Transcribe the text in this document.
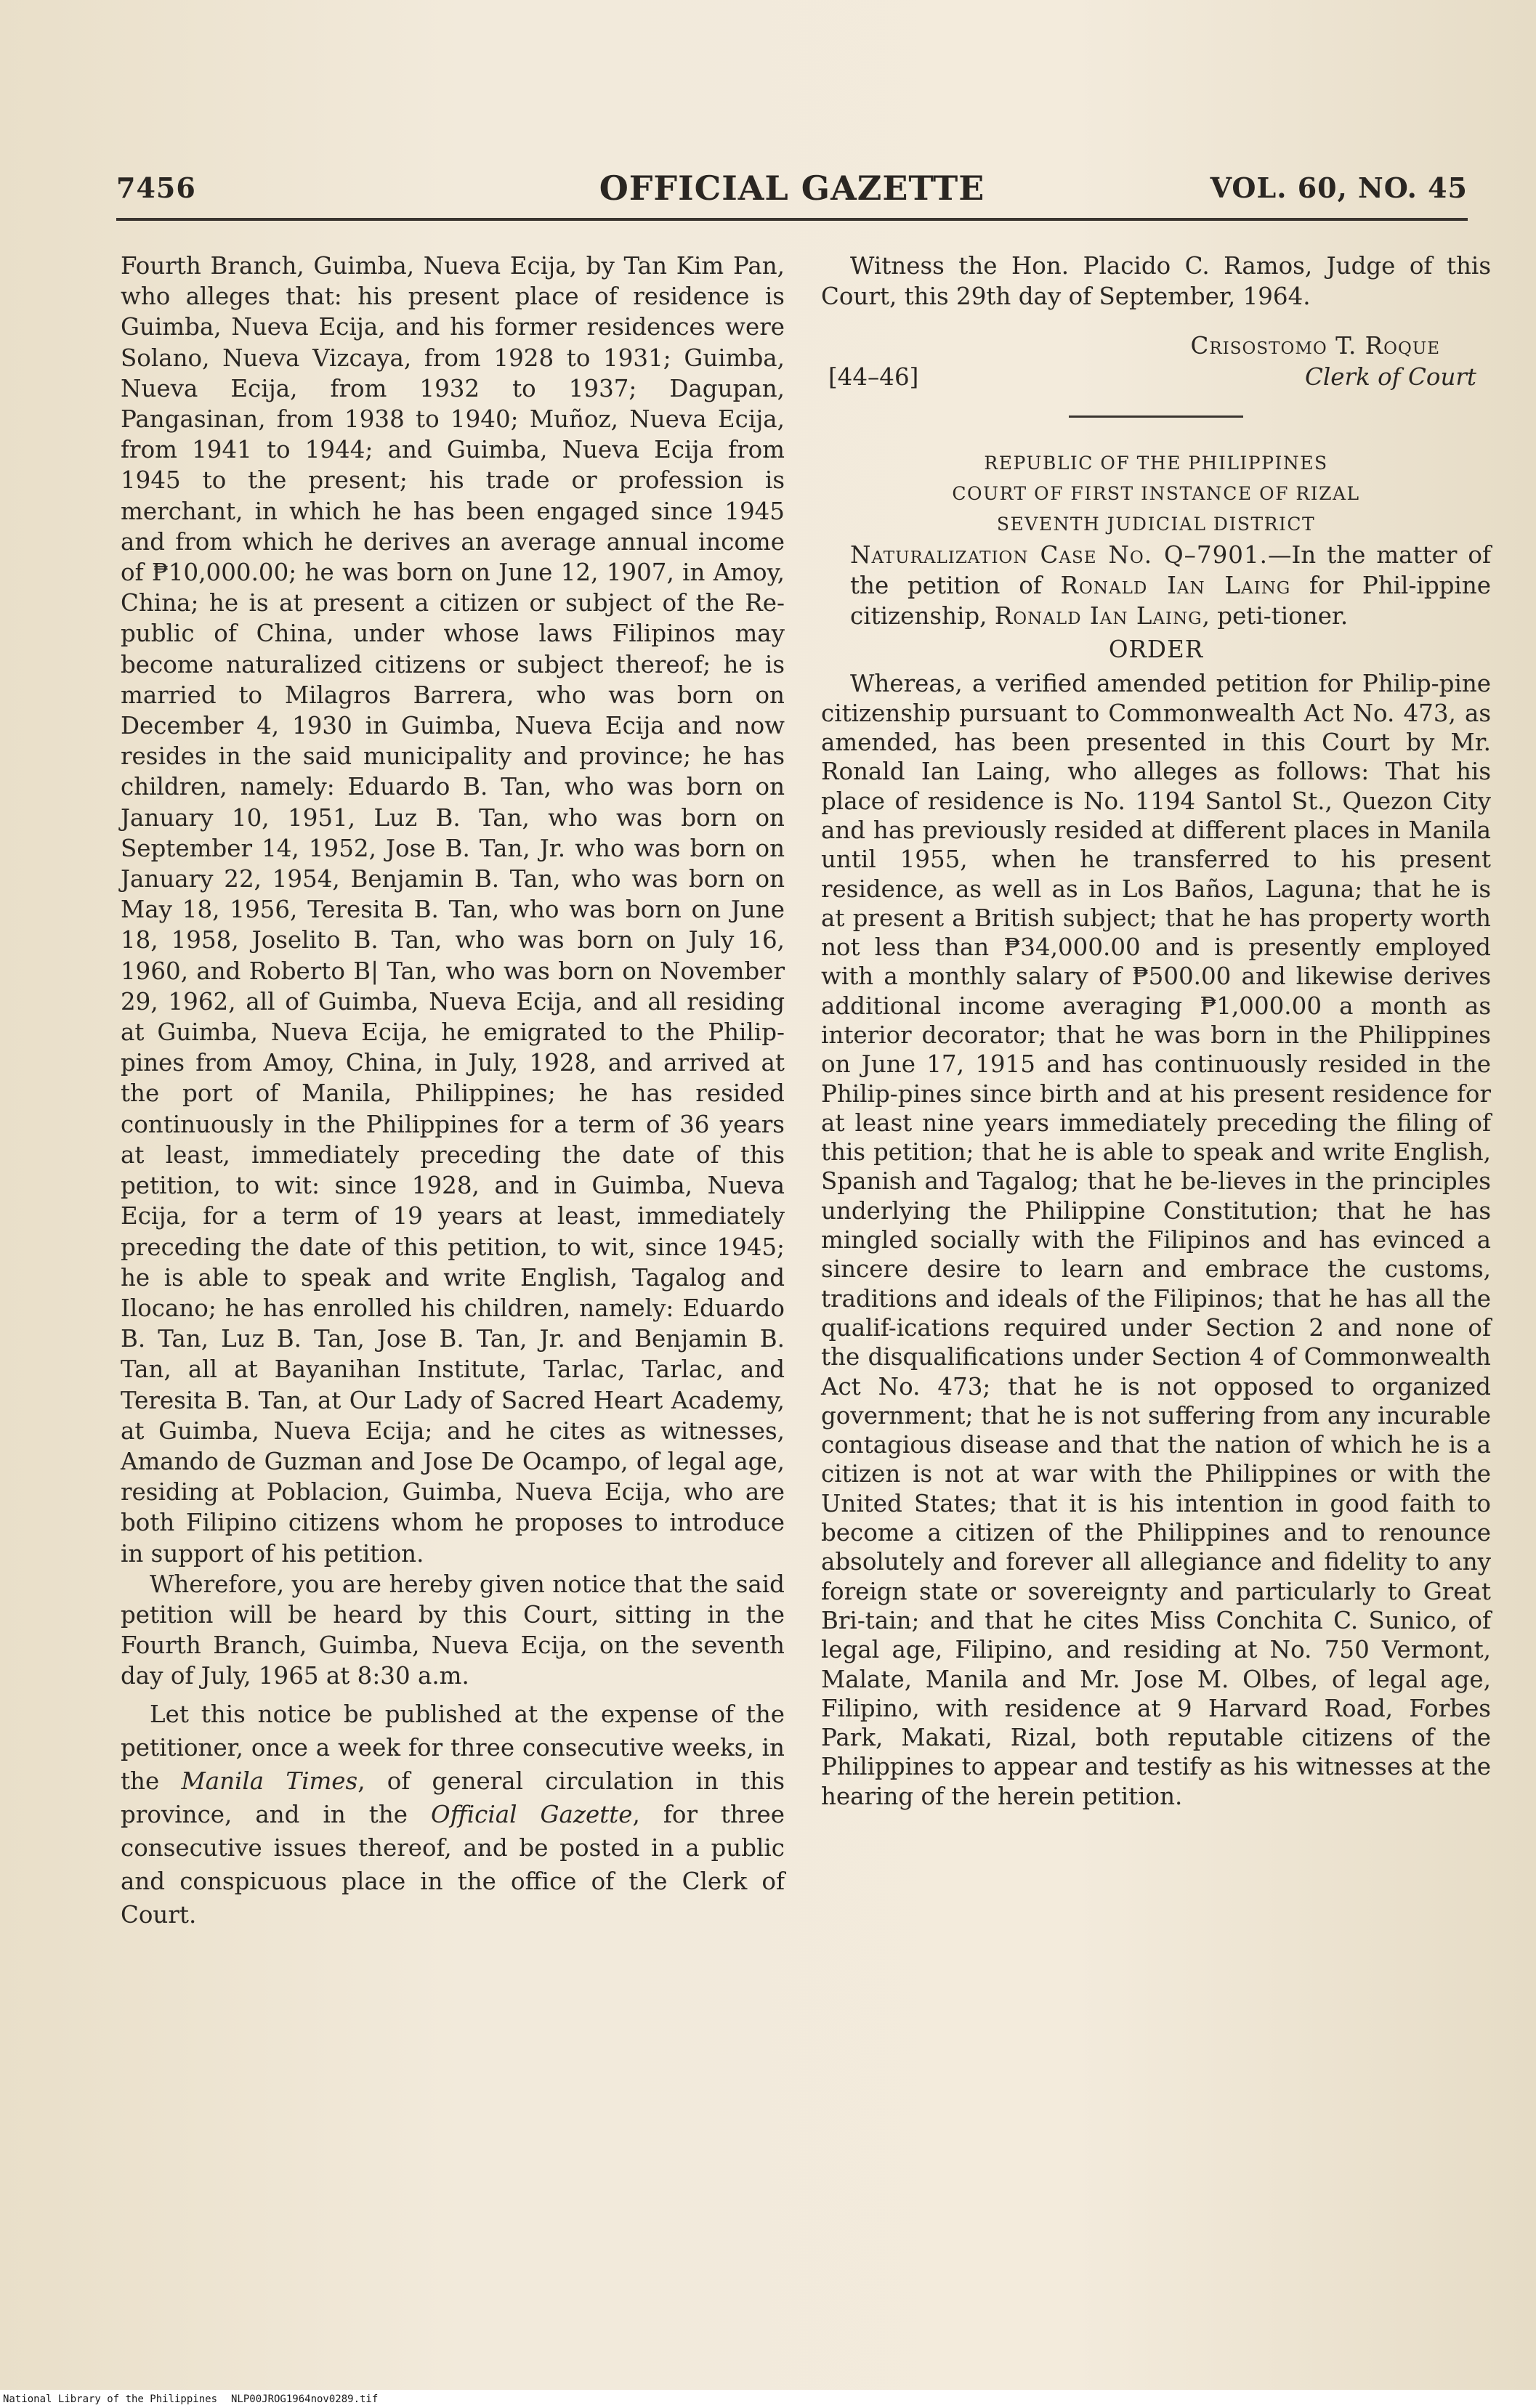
7456	OFFICIAL GAZETTE	VOL. 60, NO. 45

Fourth Branch, Guimba, Nueva Ecija, by Tan Kim Pan, who alleges that: his present place of residence is Guimba, Nueva Ecija, and his former residences were Solano, Nueva Vizcaya, from 1928 to 1931; Guimba, Nueva Ecija, from 1932 to 1937; Dagupan, Pangasinan, from 1938 to 1940; Muñoz, Nueva Ecija, from 1941 to 1944; and Guimba, Nueva Ecija from 1945 to the present; his trade or profession is merchant, in which he has been engaged since 1945 and from which he derives an average annual income of ₱10,000.00; he was born on June 12, 1907, in Amoy, China; he is at present a citizen or subject of the Re-public of China, under whose laws Filipinos may become naturalized citizens or subject thereof; he is married to Milagros Barrera, who was born on December 4, 1930 in Guimba, Nueva Ecija and now resides in the said municipality and province; he has children, namely: Eduardo B. Tan, who was born on January 10, 1951, Luz B. Tan, who was born on September 14, 1952, Jose B. Tan, Jr. who was born on January 22, 1954, Benjamin B. Tan, who was born on May 18, 1956, Teresita B. Tan, who was born on June 18, 1958, Joselito B. Tan, who was born on July 16, 1960, and Roberto B| Tan, who was born on November 29, 1962, all of Guimba, Nueva Ecija, and all residing at Guimba, Nueva Ecija, he emigrated to the Philip-pines from Amoy, China, in July, 1928, and arrived at the port of Manila, Philippines; he has resided continuously in the Philippines for a term of 36 years at least, immediately preceding the date of this petition, to wit: since 1928, and in Guimba, Nueva Ecija, for a term of 19 years at least, immediately preceding the date of this petition, to wit, since 1945; he is able to speak and write English, Tagalog and Ilocano; he has enrolled his children, namely: Eduardo B. Tan, Luz B. Tan, Jose B. Tan, Jr. and Benjamin B. Tan, all at Bayanihan Institute, Tarlac, Tarlac, and Teresita B. Tan, at Our Lady of Sacred Heart Academy, at Guimba, Nueva Ecija; and he cites as witnesses, Amando de Guzman and Jose De Ocampo, of legal age, residing at Poblacion, Guimba, Nueva Ecija, who are both Filipino citizens whom he proposes to introduce in support of his petition.

Wherefore, you are hereby given notice that the said petition will be heard by this Court, sitting in the Fourth Branch, Guimba, Nueva Ecija, on the seventh day of July, 1965 at 8:30 a.m.

Let this notice be published at the expense of the petitioner, once a week for three consecutive weeks, in the Manila Times, of general circulation in this province, and in the Official Gazette, for three consecutive issues thereof, and be posted in a public and conspicuous place in the office of the Clerk of Court.

Witness the Hon. Placido C. Ramos, Judge of this Court, this 29th day of September, 1964.

Crisostomo T. Roque
[44–46]	Clerk of Court
REPUBLIC OF THE PHILIPPINES
COURT OF FIRST INSTANCE OF RIZAL
SEVENTH JUDICIAL DISTRICT

Naturalization Case No. Q–7901.—In the matter of the petition of Ronald Ian Laing for Phil-ippine citizenship, Ronald Ian Laing, peti-tioner.

ORDER

Whereas, a verified amended petition for Philip-pine citizenship pursuant to Commonwealth Act No. 473, as amended, has been presented in this Court by Mr. Ronald Ian Laing, who alleges as follows: That his place of residence is No. 1194 Santol St., Quezon City and has previously resided at different places in Manila until 1955, when he transferred to his present residence, as well as in Los Baños, Laguna; that he is at present a British subject; that he has property worth not less than ₱34,000.00 and is presently employed with a monthly salary of ₱500.00 and likewise derives additional income averaging ₱1,000.00 a month as interior decorator; that he was born in the Philippines on June 17, 1915 and has continuously resided in the Philip-pines since birth and at his present residence for at least nine years immediately preceding the filing of this petition; that he is able to speak and write English, Spanish and Tagalog; that he be-lieves in the principles underlying the Philippine Constitution; that he has mingled socially with the Filipinos and has evinced a sincere desire to learn and embrace the customs, traditions and ideals of the Filipinos; that he has all the qualif-ications required under Section 2 and none of the disqualifications under Section 4 of Commonwealth Act No. 473; that he is not opposed to organized government; that he is not suffering from any incurable contagious disease and that the nation of which he is a citizen is not at war with the Philippines or with the United States; that it is his intention in good faith to become a citizen of the Philippines and to renounce absolutely and forever all allegiance and fidelity to any foreign state or sovereignty and particularly to Great Bri-tain; and that he cites Miss Conchita C. Sunico, of legal age, Filipino, and residing at No. 750 Vermont, Malate, Manila and Mr. Jose M. Olbes, of legal age, Filipino, with residence at 9 Harvard Road, Forbes Park, Makati, Rizal, both reputable citizens of the Philippines to appear and testify as his witnesses at the hearing of the herein petition.

National Library of the Philippines NLP00JROG1964nov0289.tif
